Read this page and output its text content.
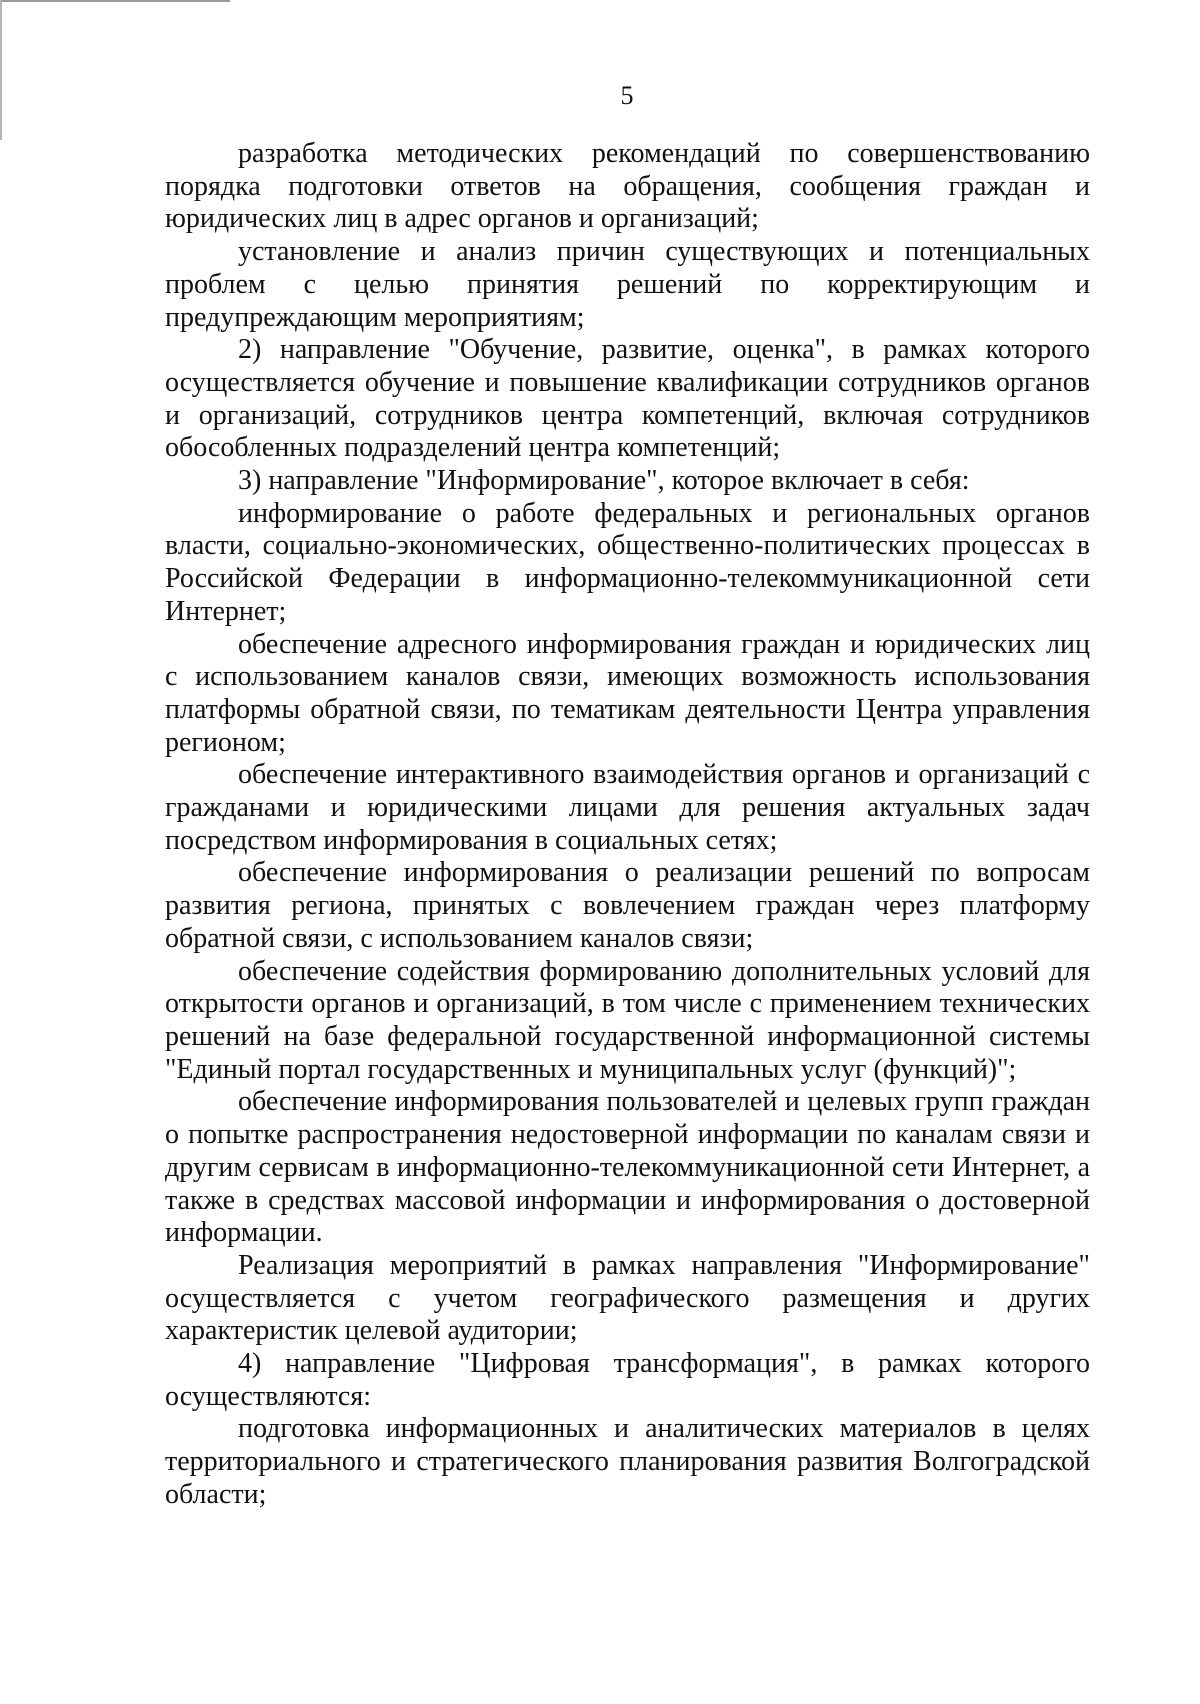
5

разработка методических рекомендаций по совершенствованию порядка подготовки ответов на обращения, сообщения граждан и юридических лиц в адрес органов и организаций;

установление и анализ причин существующих и потенциальных проблем с целью принятия решений по корректирующим и предупреждающим мероприятиям;

2) направление "Обучение, развитие, оценка", в рамках которого осуществляется обучение и повышение квалификации сотрудников органов и организаций, сотрудников центра компетенций, включая сотрудников обособленных подразделений центра компетенций;

3) направление "Информирование", которое включает в себя:

информирование о работе федеральных и региональных органов власти, социально-экономических, общественно-политических процессах в Российской Федерации в информационно-телекоммуникационной сети Интернет;

обеспечение адресного информирования граждан и юридических лиц с использованием каналов связи, имеющих возможность использования платформы обратной связи, по тематикам деятельности Центра управления регионом;

обеспечение интерактивного взаимодействия органов и организаций с гражданами и юридическими лицами для решения актуальных задач посредством информирования в социальных сетях;

обеспечение информирования о реализации решений по вопросам развития региона, принятых с вовлечением граждан через платформу обратной связи, с использованием каналов связи;

обеспечение содействия формированию дополнительных условий для открытости органов и организаций, в том числе с применением технических решений на базе федеральной государственной информационной системы "Единый портал государственных и муниципальных услуг (функций)";

обеспечение информирования пользователей и целевых групп граждан о попытке распространения недостоверной информации по каналам связи и другим сервисам в информационно-телекоммуникационной сети Интернет, а также в средствах массовой информации и информирования о достоверной информации.

Реализация мероприятий в рамках направления "Информирование" осуществляется с учетом географического размещения и других характеристик целевой аудитории;

4) направление "Цифровая трансформация", в рамках которого осуществляются:

подготовка информационных и аналитических материалов в целях территориального и стратегического планирования развития Волгоградской области;
